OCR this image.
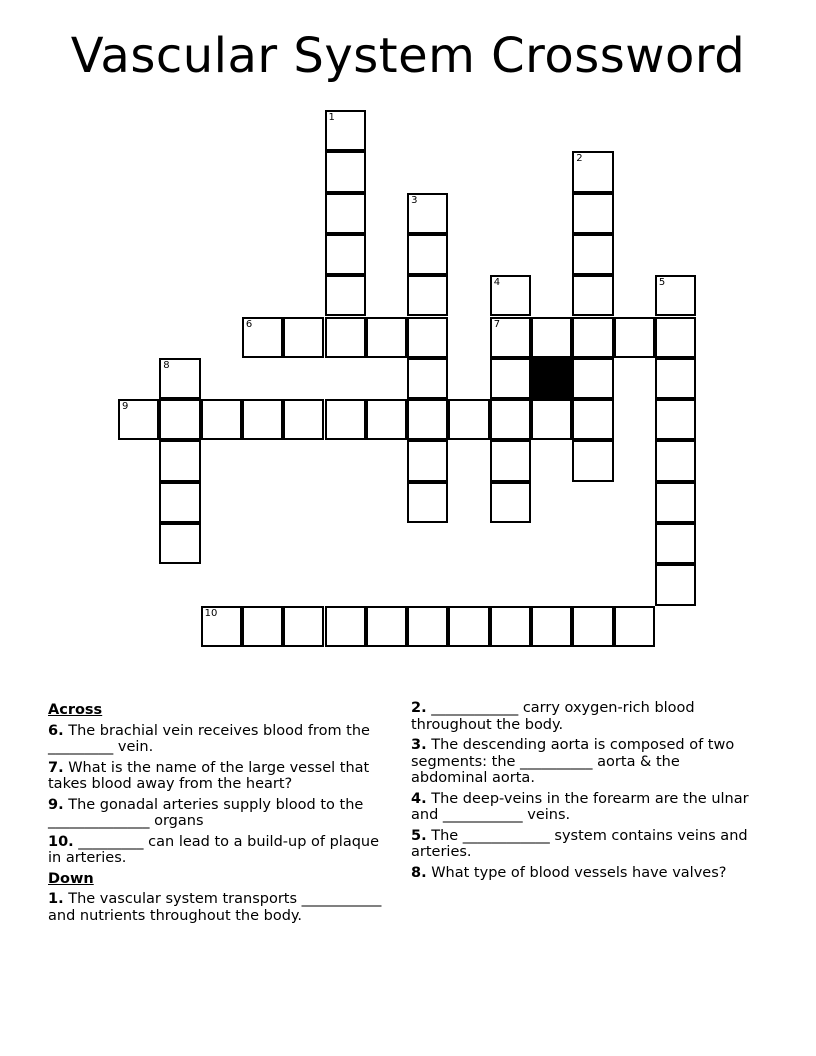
Vascular System Crossword
6	7
9
10
1
2
3
4	5
8
Across
6. The brachial vein receives blood from the _________ vein.
7. What is the name of the large vessel that takes blood away from the heart?
9. The gonadal arteries supply blood to the ______________ organs
10. _________ can lead to a build-up of plaque in arteries.
Down
1. The vascular system transports ___________ and nutrients throughout the body.
2. ____________ carry oxygen-rich blood throughout the body.
3. The descending aorta is composed of two segments: the __________ aorta & the abdominal aorta.
4. The deep-veins in the forearm are the ulnar and ___________ veins.
5. The ____________ system contains veins and arteries.
8. What type of blood vessels have valves?
